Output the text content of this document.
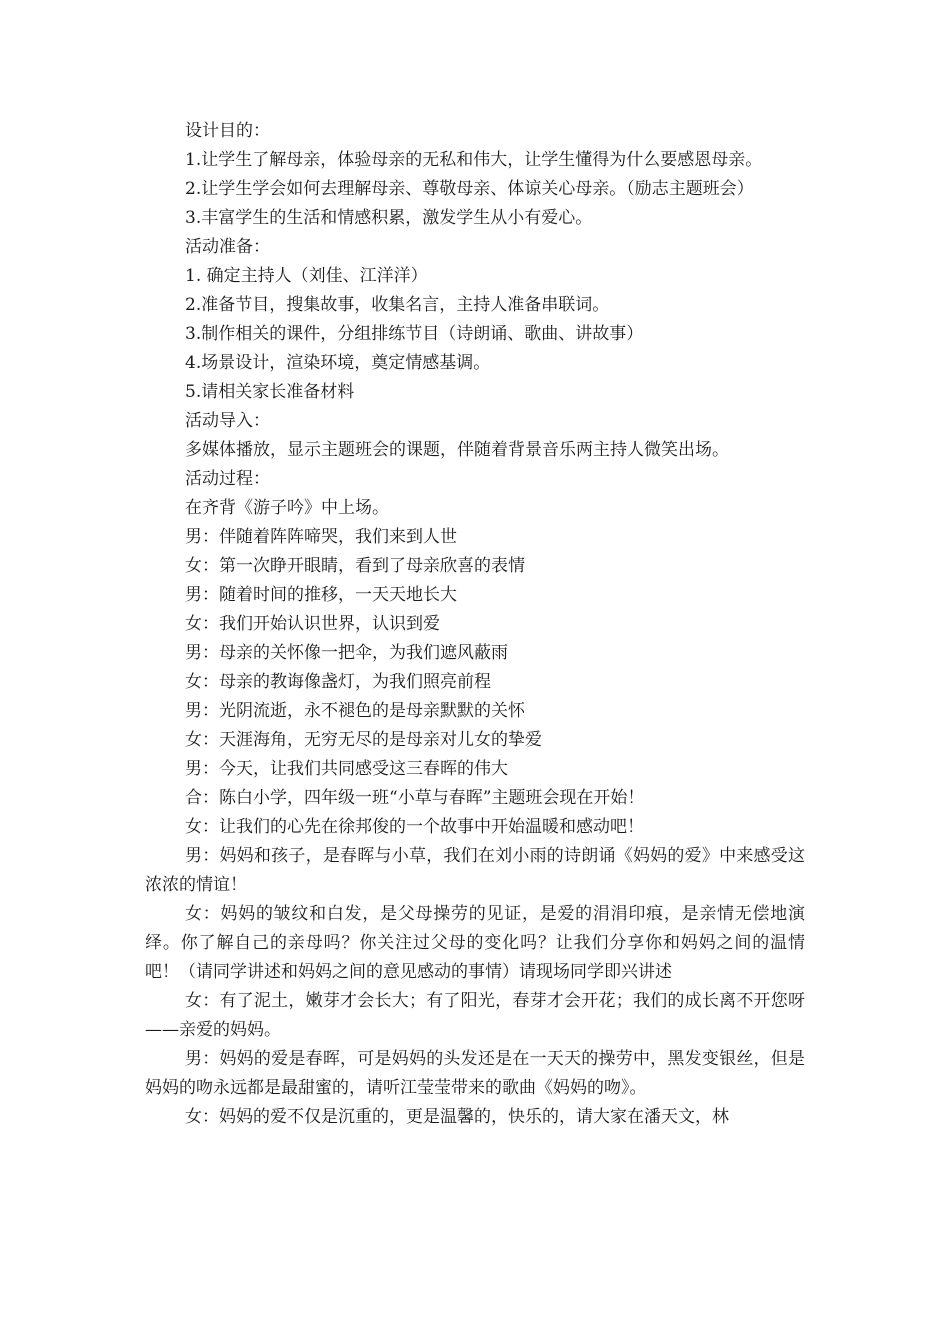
设计目的：

1.让学生了解母亲，体验母亲的无私和伟大，让学生懂得为什么要感恩母亲。

2.让学生学会如何去理解母亲、尊敬母亲、体谅关心母亲。（励志主题班会）

3.丰富学生的生活和情感积累，激发学生从小有爱心。

活动准备：

1. 确定主持人（刘佳、江洋洋）

2.准备节目，搜集故事，收集名言，主持人准备串联词。

3.制作相关的课件，分组排练节目（诗朗诵、歌曲、讲故事）

4.场景设计，渲染环境，奠定情感基调。

5.请相关家长准备材料

活动导入：

多媒体播放，显示主题班会的课题，伴随着背景音乐两主持人微笑出场。

活动过程：

在齐背《游子吟》中上场。

男：伴随着阵阵啼哭，我们来到人世

女：第一次睁开眼睛，看到了母亲欣喜的表情

男：随着时间的推移，一天天地长大

女：我们开始认识世界，认识到爱

男：母亲的关怀像一把伞，为我们遮风蔽雨

女：母亲的教诲像盏灯，为我们照亮前程

男：光阴流逝，永不褪色的是母亲默默的关怀

女：天涯海角，无穷无尽的是母亲对儿女的挚爱

男：今天，让我们共同感受这三春晖的伟大

合：陈白小学，四年级一班“小草与春晖”主题班会现在开始！

女：让我们的心先在徐邦俊的一个故事中开始温暖和感动吧！

男：妈妈和孩子，是春晖与小草，我们在刘小雨的诗朗诵《妈妈的爱》中来感受这浓浓的情谊！

女：妈妈的皱纹和白发，是父母操劳的见证，是爱的涓涓印痕，是亲情无偿地演绎。你了解自己的亲母吗？你关注过父母的变化吗？让我们分享你和妈妈之间的温情吧！（请同学讲述和妈妈之间的意见感动的事情）请现场同学即兴讲述

女：有了泥土，嫩芽才会长大；有了阳光，春芽才会开花；我们的成长离不开您呀——亲爱的妈妈。

男：妈妈的爱是春晖，可是妈妈的头发还是在一天天的操劳中，黑发变银丝，但是妈妈的吻永远都是最甜蜜的，请听江莹莹带来的歌曲《妈妈的吻》。

女：妈妈的爱不仅是沉重的，更是温馨的，快乐的，请大家在潘天文，林
